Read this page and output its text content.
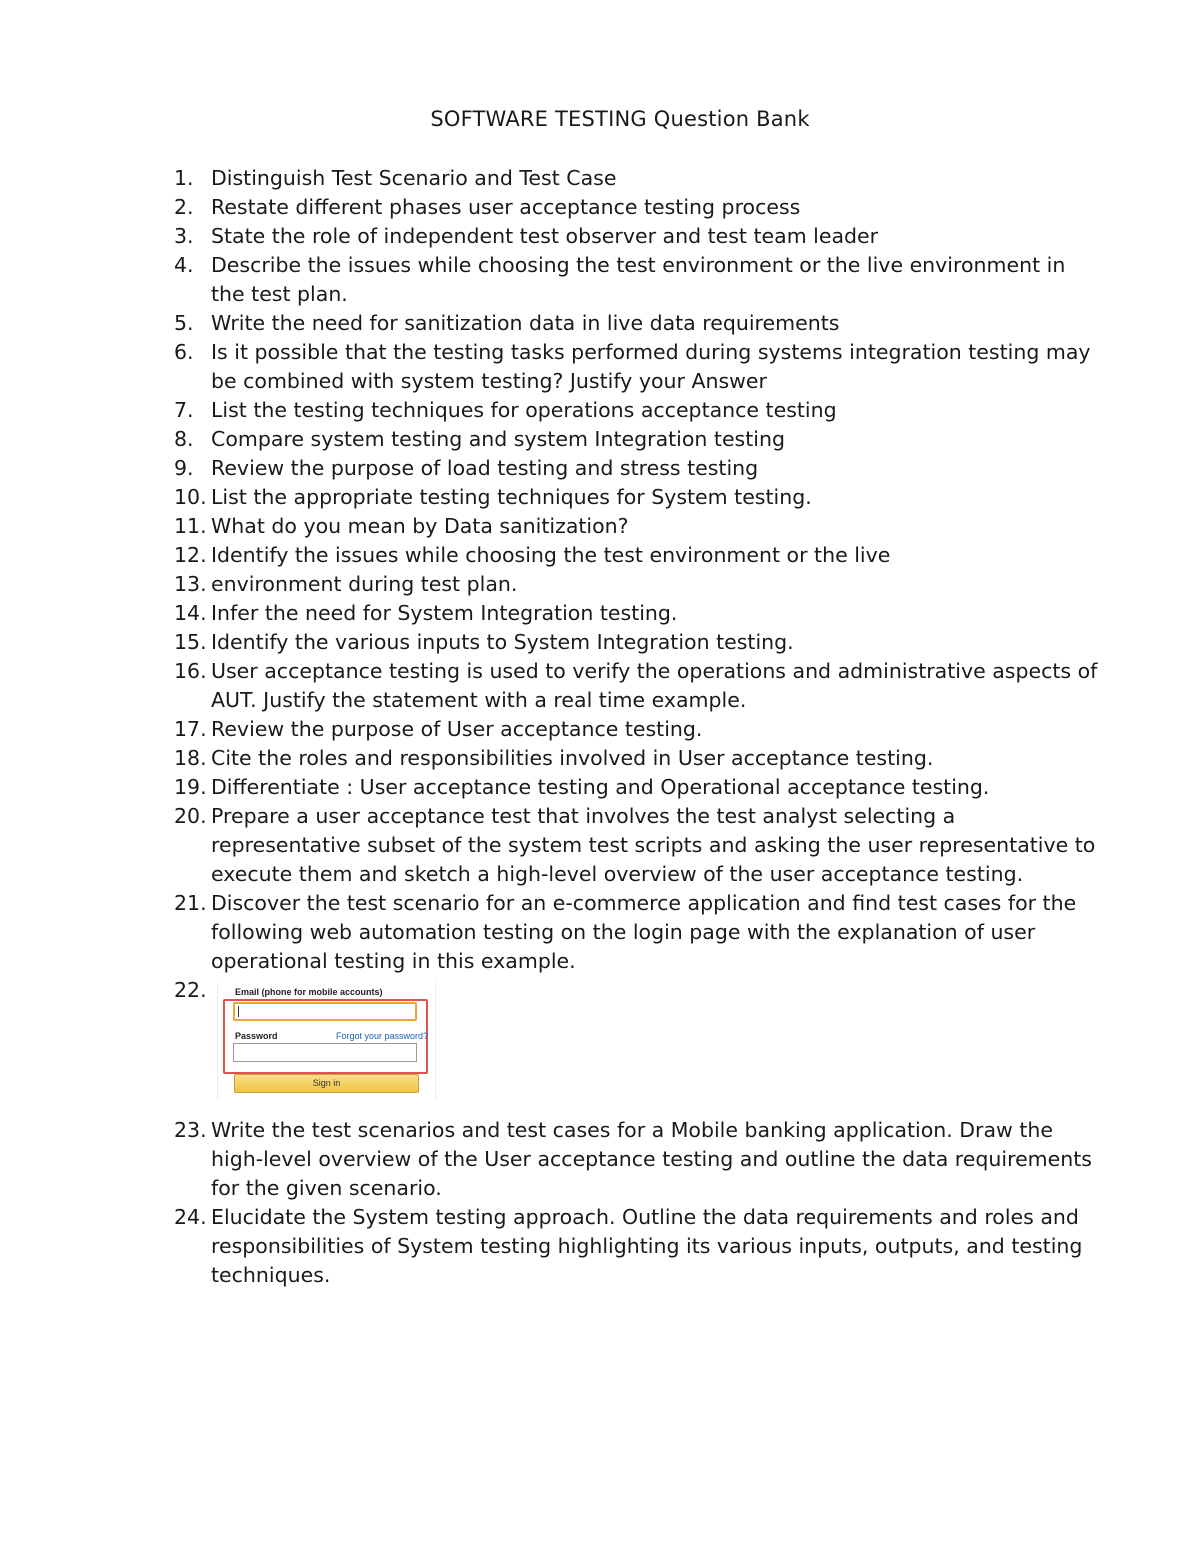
SOFTWARE TESTING Question Bank
1. Distinguish Test Scenario and Test Case
2. Restate different phases user acceptance testing process
3. State the role of independent test observer and test team leader
4. Describe the issues while choosing the test environment or the live environment in the test plan.
5. Write the need for sanitization data in live data requirements
6. Is it possible that the testing tasks performed during systems integration testing may be combined with system testing? Justify your Answer
7. List the testing techniques for operations acceptance testing
8. Compare system testing and system Integration testing
9. Review the purpose of load testing and stress testing
10. List the appropriate testing techniques for System testing.
11. What do you mean by Data sanitization?
12. Identify the issues while choosing the test environment or the live
13. environment during test plan.
14. Infer the need for System Integration testing.
15. Identify the various inputs to System Integration testing.
16. User acceptance testing is used to verify the operations and administrative aspects of AUT. Justify the statement with a real time example.
17. Review the purpose of User acceptance testing.
18. Cite the roles and responsibilities involved in User acceptance testing.
19. Differentiate : User acceptance testing and Operational acceptance testing.
20. Prepare a user acceptance test that involves the test analyst selecting a representative subset of the system test scripts and asking the user representative to execute them and sketch a high-level overview of the user acceptance testing.
21. Discover the test scenario for an e-commerce application and find test cases for the following web automation testing on the login page with the explanation of user operational testing in this example.
22.	Email (phone for mobile accounts)
Password	Forgot your password?
Sign in
23. Write the test scenarios and test cases for a Mobile banking application. Draw the high-level overview of the User acceptance testing and outline the data requirements for the given scenario.
24. Elucidate the System testing approach. Outline the data requirements and roles and responsibilities of System testing highlighting its various inputs, outputs, and testing techniques.
